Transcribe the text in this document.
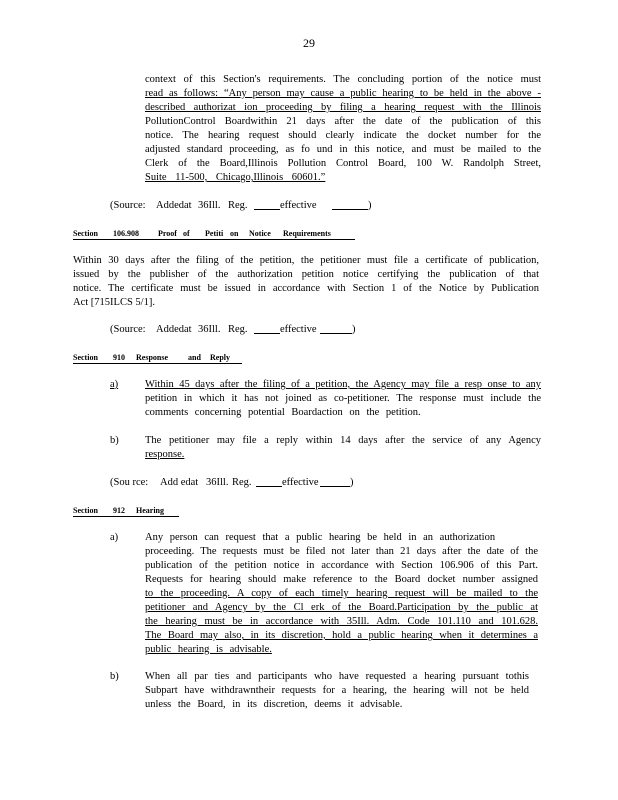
29

context of this Section's requirements. The concluding portion of the notice must

read as follows: “Any person may cause a public hearing to be held in the above -

described authorizat ion proceeding by filing a hearing request with the Illinois

PollutionControl Boardwithin 21 days after the date of the publication of this

notice. The hearing request should clearly indicate the docket number for the

adjusted standard proceeding, as fo und in this notice, and must be mailed to the

Clerk of the Board,Illinois Pollution Control Board, 100 W. Randolph Street,

Suite 11-500, Chicago,Illinois 60601.”

(Source: Addedat 36Ill. Reg.	effective	)
Section 106.908 Proof of Petiti on Notice Requirements

Within 30 days after the filing of the petition, the petitioner must file a certificate of publication,

issued by the publisher of the authorization petition notice certifying the publication of that

notice. The certificate must be issued in accordance with Section 1 of the Notice by Publication

Act [715ILCS 5/1].

(Source: Addedat 36Ill. Reg.	effective	)
Section 910 Response and Reply
a)	Within 45 days after the filing of a petition, the Agency may file a resp onse to any

petition in which it has not joined as co-petitioner. The response must include the

comments concerning potential Boardaction on the petition.

b)	The petitioner may file a reply within 14 days after the service of any Agency

response.

(Sou rce: Add edat 36Ill. Reg.	effective	)
Section 912 Hearing
a)	Any person can request that a public hearing be held in an authorization

proceeding. The requests must be filed not later than 21 days after the date of the

publication of the petition notice in accordance with Section 106.906 of this Part.

Requests for hearing should make reference to the Board docket number assigned

to the proceeding. A copy of each timely hearing request will be mailed to the

petitioner and Agency by the Cl erk of the Board.Participation by the public at

the hearing must be in accordance with 35Ill. Adm. Code 101.110 and 101.628.

The Board may also, in its discretion, hold a public hearing when it determines a

public hearing is advisable.

b)	When all par ties and participants who have requested a hearing pursuant tothis

Subpart have withdrawntheir requests for a hearing, the hearing will not be held

unless the Board, in its discretion, deems it advisable.
